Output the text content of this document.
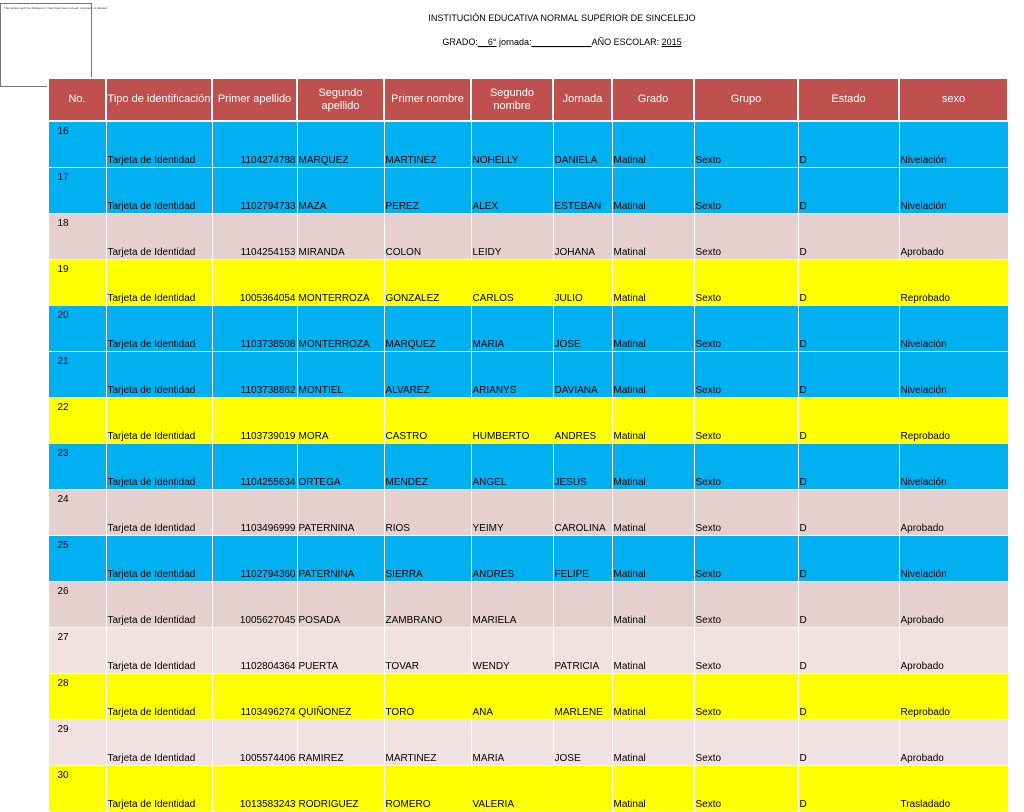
The picture can't be displayed. It may have been moved, renamed, or deleted.
INSTITUCIÓN EDUCATIVA NORMAL SUPERIOR DE SINCELEJO
GRADO:__6° jornada:____________AÑO ESCOLAR: 2015
No.	Tipo de identificación	Primer apellido	Segundo apellido	Primer nombre	Segundo nombre	Jornada	Grado	Grupo	Estado	sexo
16	Tarjeta de Identidad	1104274788	MARQUEZ	MARTINEZ	NOHELLY	DANIELA	Matinal	Sexto	D	Nivelación
17	Tarjeta de Identidad	1102794733	MAZA	PEREZ	ALEX	ESTEBAN	Matinal	Sexto	D	Nivelación
18	Tarjeta de Identidad	1104254153	MIRANDA	COLON	LEIDY	JOHANA	Matinal	Sexto	D	Aprobado
19	Tarjeta de Identidad	1005364054	MONTERROZA	GONZALEZ	CARLOS	JULIO	Matinal	Sexto	D	Reprobado
20	Tarjeta de Identidad	1103738508	MONTERROZA	MARQUEZ	MARIA	JOSE	Matinal	Sexto	D	Nivelación
21	Tarjeta de Identidad	1103738862	MONTIEL	ALVAREZ	ARIANYS	DAVIANA	Matinal	Sexto	D	Nivelación
22	Tarjeta de Identidad	1103739019	MORA	CASTRO	HUMBERTO	ANDRES	Matinal	Sexto	D	Reprobado
23	Tarjeta de Identidad	1104255634	ORTEGA	MENDEZ	ANGEL	JESUS	Matinal	Sexto	D	Nivelación
24	Tarjeta de Identidad	1103496999	PATERNINA	RIOS	YEIMY	CAROLINA	Matinal	Sexto	D	Aprobado
25	Tarjeta de Identidad	1102794360	PATERNINA	SIERRA	ANDRES	FELIPE	Matinal	Sexto	D	Nivelación
26	Tarjeta de Identidad	1005627045	POSADA	ZAMBRANO	MARIELA		Matinal	Sexto	D	Aprobado
27	Tarjeta de Identidad	1102804364	PUERTA	TOVAR	WENDY	PATRICIA	Matinal	Sexto	D	Aprobado
28	Tarjeta de Identidad	1103496274	QUIÑONEZ	TORO	ANA	MARLENE	Matinal	Sexto	D	Reprobado
29	Tarjeta de Identidad	1005574406	RAMIREZ	MARTINEZ	MARIA	JOSE	Matinal	Sexto	D	Aprobado
30	Tarjeta de Identidad	1013583243	RODRIGUEZ	ROMERO	VALERIA		Matinal	Sexto	D	Trasladado
